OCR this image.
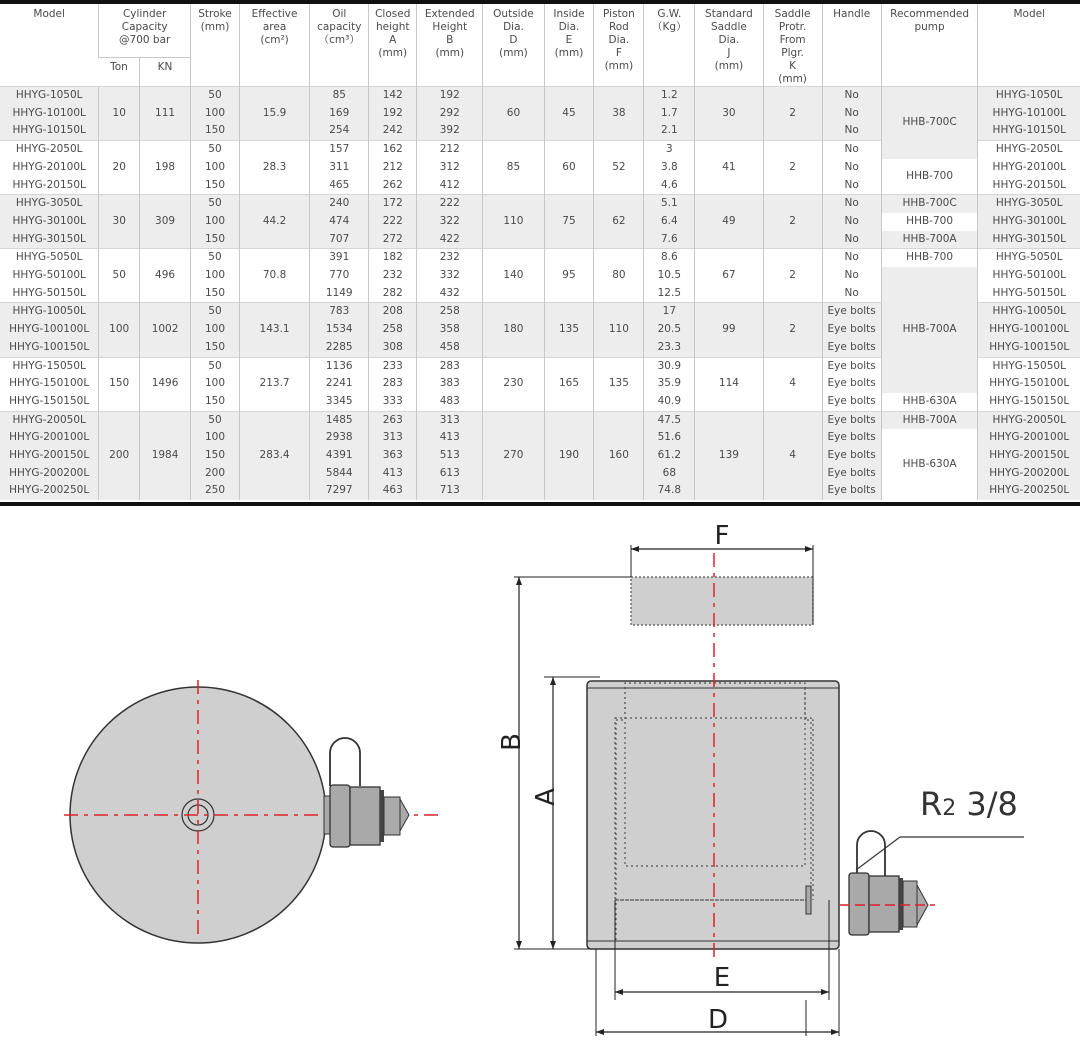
Model	Cylinder
Capacity
@700 bar	Stroke
(mm)	Effective
area
(cm²)	Oil
capacity
（cm³）	Closed
height
A
(mm)	Extended
Height
B
(mm)	Outside
Dia.
D
(mm)	Inside
Dia.
E
(mm)	Piston
Rod
Dia.
F
(mm)	G.W.
（Kg）	Standard
Saddle
Dia.
J
(mm)	Saddle
Protr.
From
Plgr.
K
(mm)	Handle	Recommended
pump	Model
	Ton	KN														
HHYG-1050L	10	111	50	15.9	85	142	192	60	45	38	1.2	30	2	No	HHB-700C	HHYG-1050L
HHYG-10100L			100		169	192	292				1.7			No		HHYG-10100L
HHYG-10150L			150		254	242	392				2.1			No		HHYG-10150L
HHYG-2050L	20	198	50	28.3	157	162	212	85	60	52	3	41	2	No		HHYG-2050L
HHYG-20100L			100		311	212	312				3.8			No	HHB-700	HHYG-20100L
HHYG-20150L			150		465	262	412				4.6			No		HHYG-20150L
HHYG-3050L	30	309	50	44.2	240	172	222	110	75	62	5.1	49	2	No	HHB-700C	HHYG-3050L
HHYG-30100L			100		474	222	322				6.4			No	HHB-700	HHYG-30100L
HHYG-30150L			150		707	272	422				7.6			No	HHB-700A	HHYG-30150L
HHYG-5050L	50	496	50	70.8	391	182	232	140	95	80	8.6	67	2	No	HHB-700	HHYG-5050L
HHYG-50100L			100		770	232	332				10.5			No	HHB-700A	HHYG-50100L
HHYG-50150L			150		1149	282	432				12.5			No		HHYG-50150L
HHYG-10050L	100	1002	50	143.1	783	208	258	180	135	110	17	99	2	Eye bolts		HHYG-10050L
HHYG-100100L			100		1534	258	358				20.5			Eye bolts		HHYG-100100L
HHYG-100150L			150		2285	308	458				23.3			Eye bolts		HHYG-100150L
HHYG-15050L	150	1496	50	213.7	1136	233	283	230	165	135	30.9	114	4	Eye bolts		HHYG-15050L
HHYG-150100L			100		2241	283	383				35.9			Eye bolts		HHYG-150100L
HHYG-150150L			150		3345	333	483				40.9			Eye bolts	HHB-630A	HHYG-150150L
HHYG-20050L	200	1984	50	283.4	1485	263	313	270	190	160	47.5	139	4	Eye bolts	HHB-700A	HHYG-20050L
HHYG-200100L			100		2938	313	413				51.6			Eye bolts	HHB-630A	HHYG-200100L
HHYG-200150L			150		4391	363	513				61.2			Eye bolts		HHYG-200150L
HHYG-200200L			200		5844	413	613				68			Eye bolts		HHYG-200200L
HHYG-200250L			250		7297	463	713				74.8			Eye bolts		HHYG-200250L
F
B
A
E
D
R2 3/8
